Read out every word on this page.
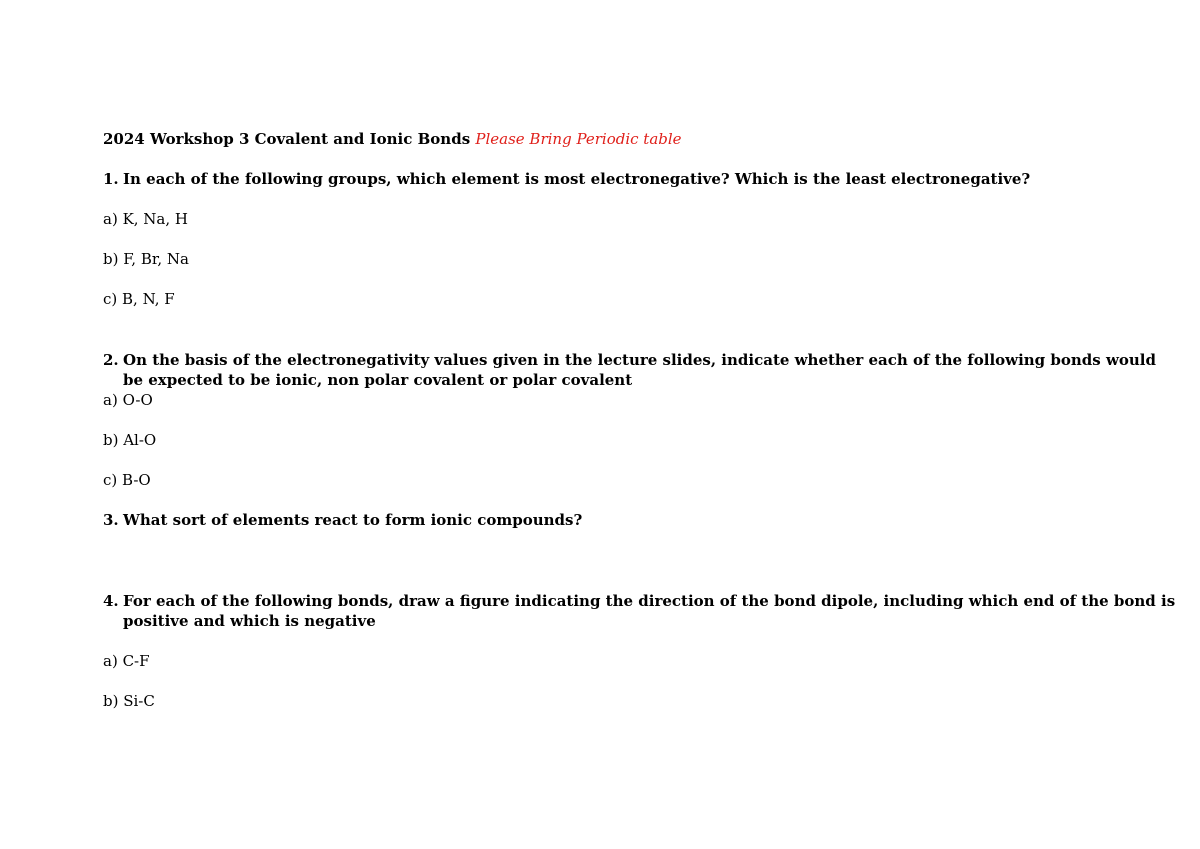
2024 Workshop 3 Covalent and Ionic Bonds Please Bring Periodic table
1. In each of the following groups, which element is most electronegative? Which is the least electronegative?
a) K, Na, H
b) F, Br, Na
c) B, N, F
2. On the basis of the electronegativity values given in the lecture slides, indicate whether each of the following bonds would
be expected to be ionic, non polar covalent or polar covalent
a) O-O
b) Al-O
c) B-O
3. What sort of elements react to form ionic compounds?
4. For each of the following bonds, draw a figure indicating the direction of the bond dipole, including which end of the bond is
positive and which is negative
a) C-F
b) Si-C
